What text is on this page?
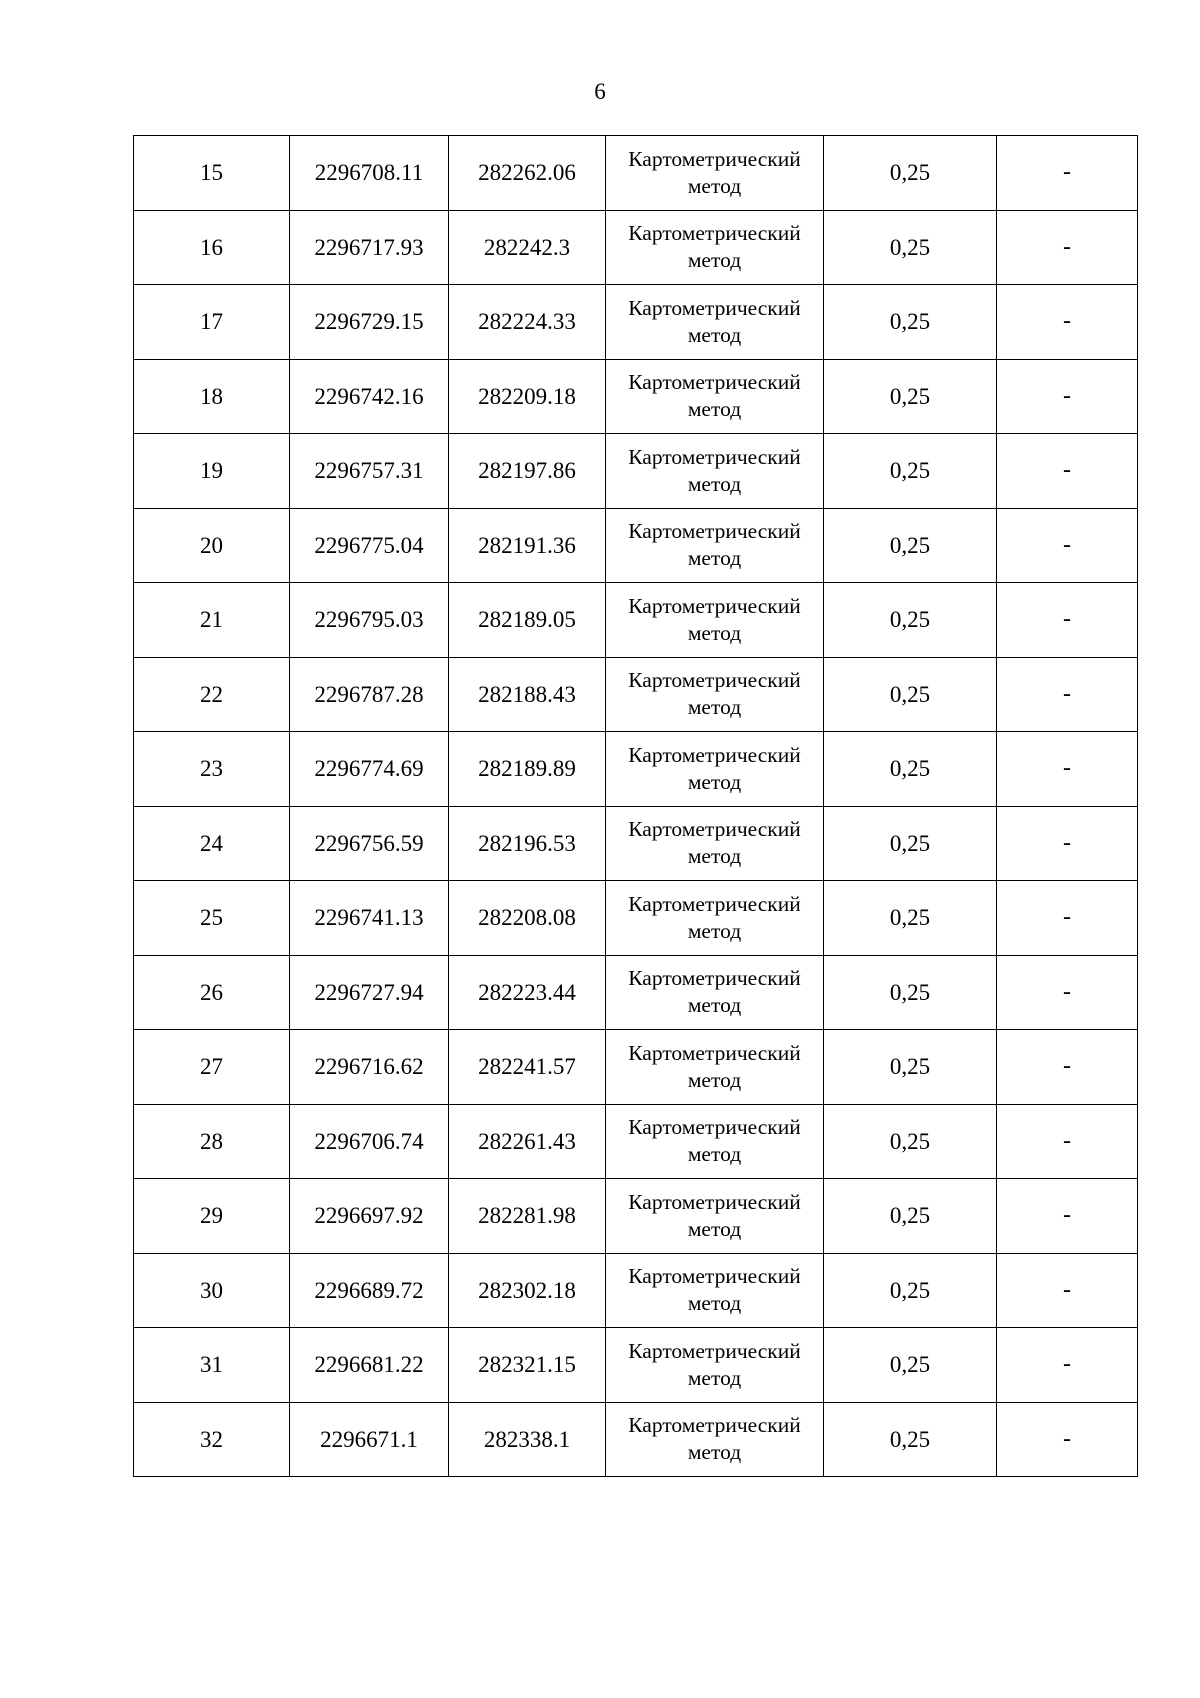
6
15	2296708.11	282262.06	Картометрический
метод	0,25	-
16	2296717.93	282242.3	Картометрический
метод	0,25	-
17	2296729.15	282224.33	Картометрический
метод	0,25	-
18	2296742.16	282209.18	Картометрический
метод	0,25	-
19	2296757.31	282197.86	Картометрический
метод	0,25	-
20	2296775.04	282191.36	Картометрический
метод	0,25	-
21	2296795.03	282189.05	Картометрический
метод	0,25	-
22	2296787.28	282188.43	Картометрический
метод	0,25	-
23	2296774.69	282189.89	Картометрический
метод	0,25	-
24	2296756.59	282196.53	Картометрический
метод	0,25	-
25	2296741.13	282208.08	Картометрический
метод	0,25	-
26	2296727.94	282223.44	Картометрический
метод	0,25	-
27	2296716.62	282241.57	Картометрический
метод	0,25	-
28	2296706.74	282261.43	Картометрический
метод	0,25	-
29	2296697.92	282281.98	Картометрический
метод	0,25	-
30	2296689.72	282302.18	Картометрический
метод	0,25	-
31	2296681.22	282321.15	Картометрический
метод	0,25	-
32	2296671.1	282338.1	Картометрический
метод	0,25	-
